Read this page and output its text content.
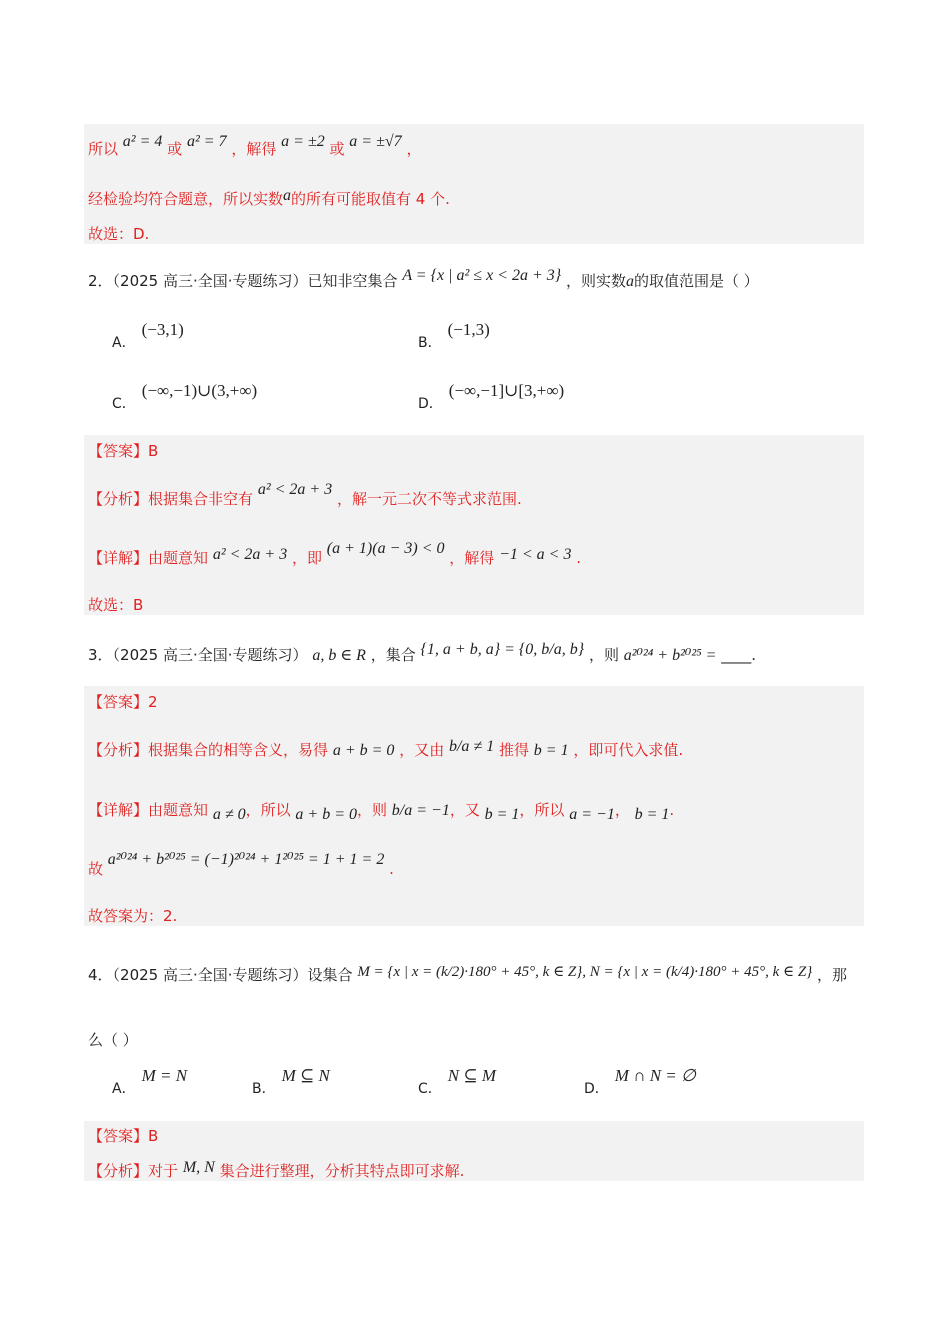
所以 a² = 4 或 a² = 7 ，解得 a = ±2 或 a = ±√7 ，
经检验均符合题意，所以实数a的所有可能取值有 4 个.
故选：D.
2．（2025 高三·全国·专题练习）已知非空集合 A = {x | a² ≤ x < 2a + 3} ，则实数a的取值范围是（ ）
A．(−3,1)
B．(−1,3)
C．(−∞,−1)∪(3,+∞)
D．(−∞,−1]∪[3,+∞)
【答案】B
【分析】根据集合非空有 a² < 2a + 3 ，解一元二次不等式求范围.
【详解】由题意知 a² < 2a + 3 ，即 (a + 1)(a − 3) < 0 ，解得 −1 < a < 3 .
故选：B
3．（2025 高三·全国·专题练习） a, b ∈ R ，集合 {1, a + b, a} = {0, b/a, b} ，则 a²⁰²⁴ + b²⁰²⁵ = ____.
【答案】2
【分析】根据集合的相等含义，易得 a + b = 0 ，又由 b/a ≠ 1 推得 b = 1 ，即可代入求值.
【详解】由题意知 a ≠ 0，所以 a + b = 0，则 b/a = −1，又 b = 1，所以 a = −1， b = 1.
故 a²⁰²⁴ + b²⁰²⁵ = (−1)²⁰²⁴ + 1²⁰²⁵ = 1 + 1 = 2 .
故答案为：2.
4．（2025 高三·全国·专题练习）设集合 M = {x | x = (k/2)·180° + 45°, k ∈ Z}, N = {x | x = (k/4)·180° + 45°, k ∈ Z} ，那
么（ ）
A．M = N
B．M ⊆ N
C．N ⊆ M
D．M ∩ N = ∅
【答案】B
【分析】对于 M, N 集合进行整理，分析其特点即可求解.
